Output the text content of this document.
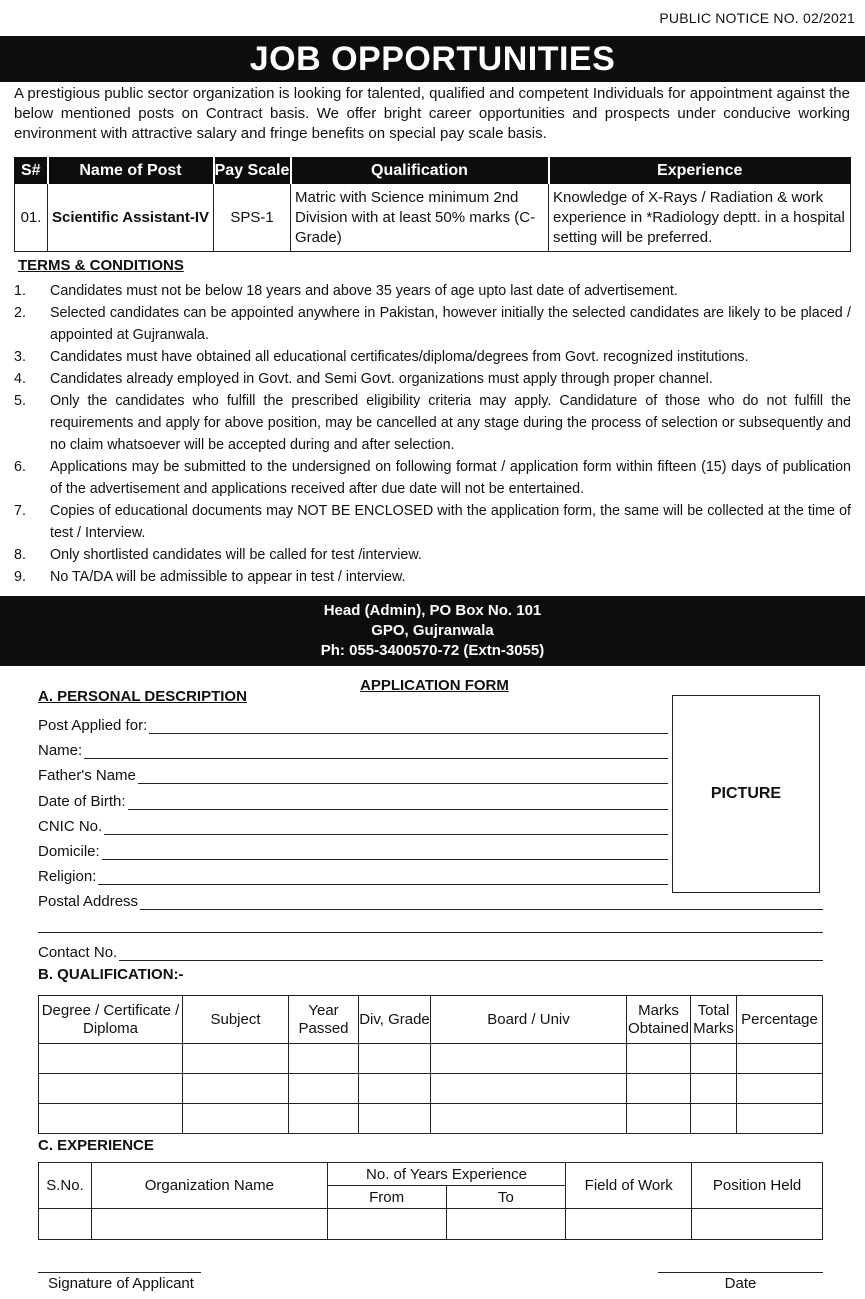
PUBLIC NOTICE NO. 02/2021
JOB OPPORTUNITIES

A prestigious public sector organization is looking for talented, qualified and competent Individuals for appointment against the below mentioned posts on Contract basis. We offer bright career opportunities and prospects under conducive working environment with attractive salary and fringe benefits on special pay scale basis.

S#	Name of Post	Pay Scale	Qualification	Experience
01.	Scientific Assistant-IV	SPS-1	Matric with Science minimum 2nd Division with at least 50% marks (C-Grade)	Knowledge of X-Rays / Radiation & work experience in *Radiology deptt. in a hospital setting will be preferred.
TERMS & CONDITIONS
1.	Candidates must not be below 18 years and above 35 years of age upto last date of advertisement.
2.	Selected candidates can be appointed anywhere in Pakistan, however initially the selected candidates are likely to be placed / appointed at Gujranwala.
3.	Candidates must have obtained all educational certificates/diploma/degrees from Govt. recognized institutions.
4.	Candidates already employed in Govt. and Semi Govt. organizations must apply through proper channel.
5.	Only the candidates who fulfill the prescribed eligibility criteria may apply. Candidature of those who do not fulfill the requirements and apply for above position, may be cancelled at any stage during the process of selection or subsequently and no claim whatsoever will be accepted during and after selection.
6.	Applications may be submitted to the undersigned on following format / application form within fifteen (15) days of publication of the advertisement and applications received after due date will not be entertained.
7.	Copies of educational documents may NOT BE ENCLOSED with the application form, the same will be collected at the time of test / Interview.
8.	Only shortlisted candidates will be called for test /interview.
9.	No TA/DA will be admissible to appear in test / interview.
Head (Admin), PO Box No. 101
GPO, Gujranwala
Ph: 055-3400570-72 (Extn-3055)
APPLICATION FORM
A. PERSONAL DESCRIPTION
Post Applied for:
Name:
Father's Name
Date of Birth:
CNIC No.
Domicile:
Religion:
Postal Address
Contact No.
PICTURE
B. QUALIFICATION:-
Degree / Certificate / Diploma	Subject	Year Passed	Div, Grade	Board / Univ	Marks Obtained	Total Marks	Percentage

C. EXPERIENCE
S.No.	Organization Name	No. of Years Experience		Field of Work	Position Held
		From	To		

Signature of Applicant	Date
